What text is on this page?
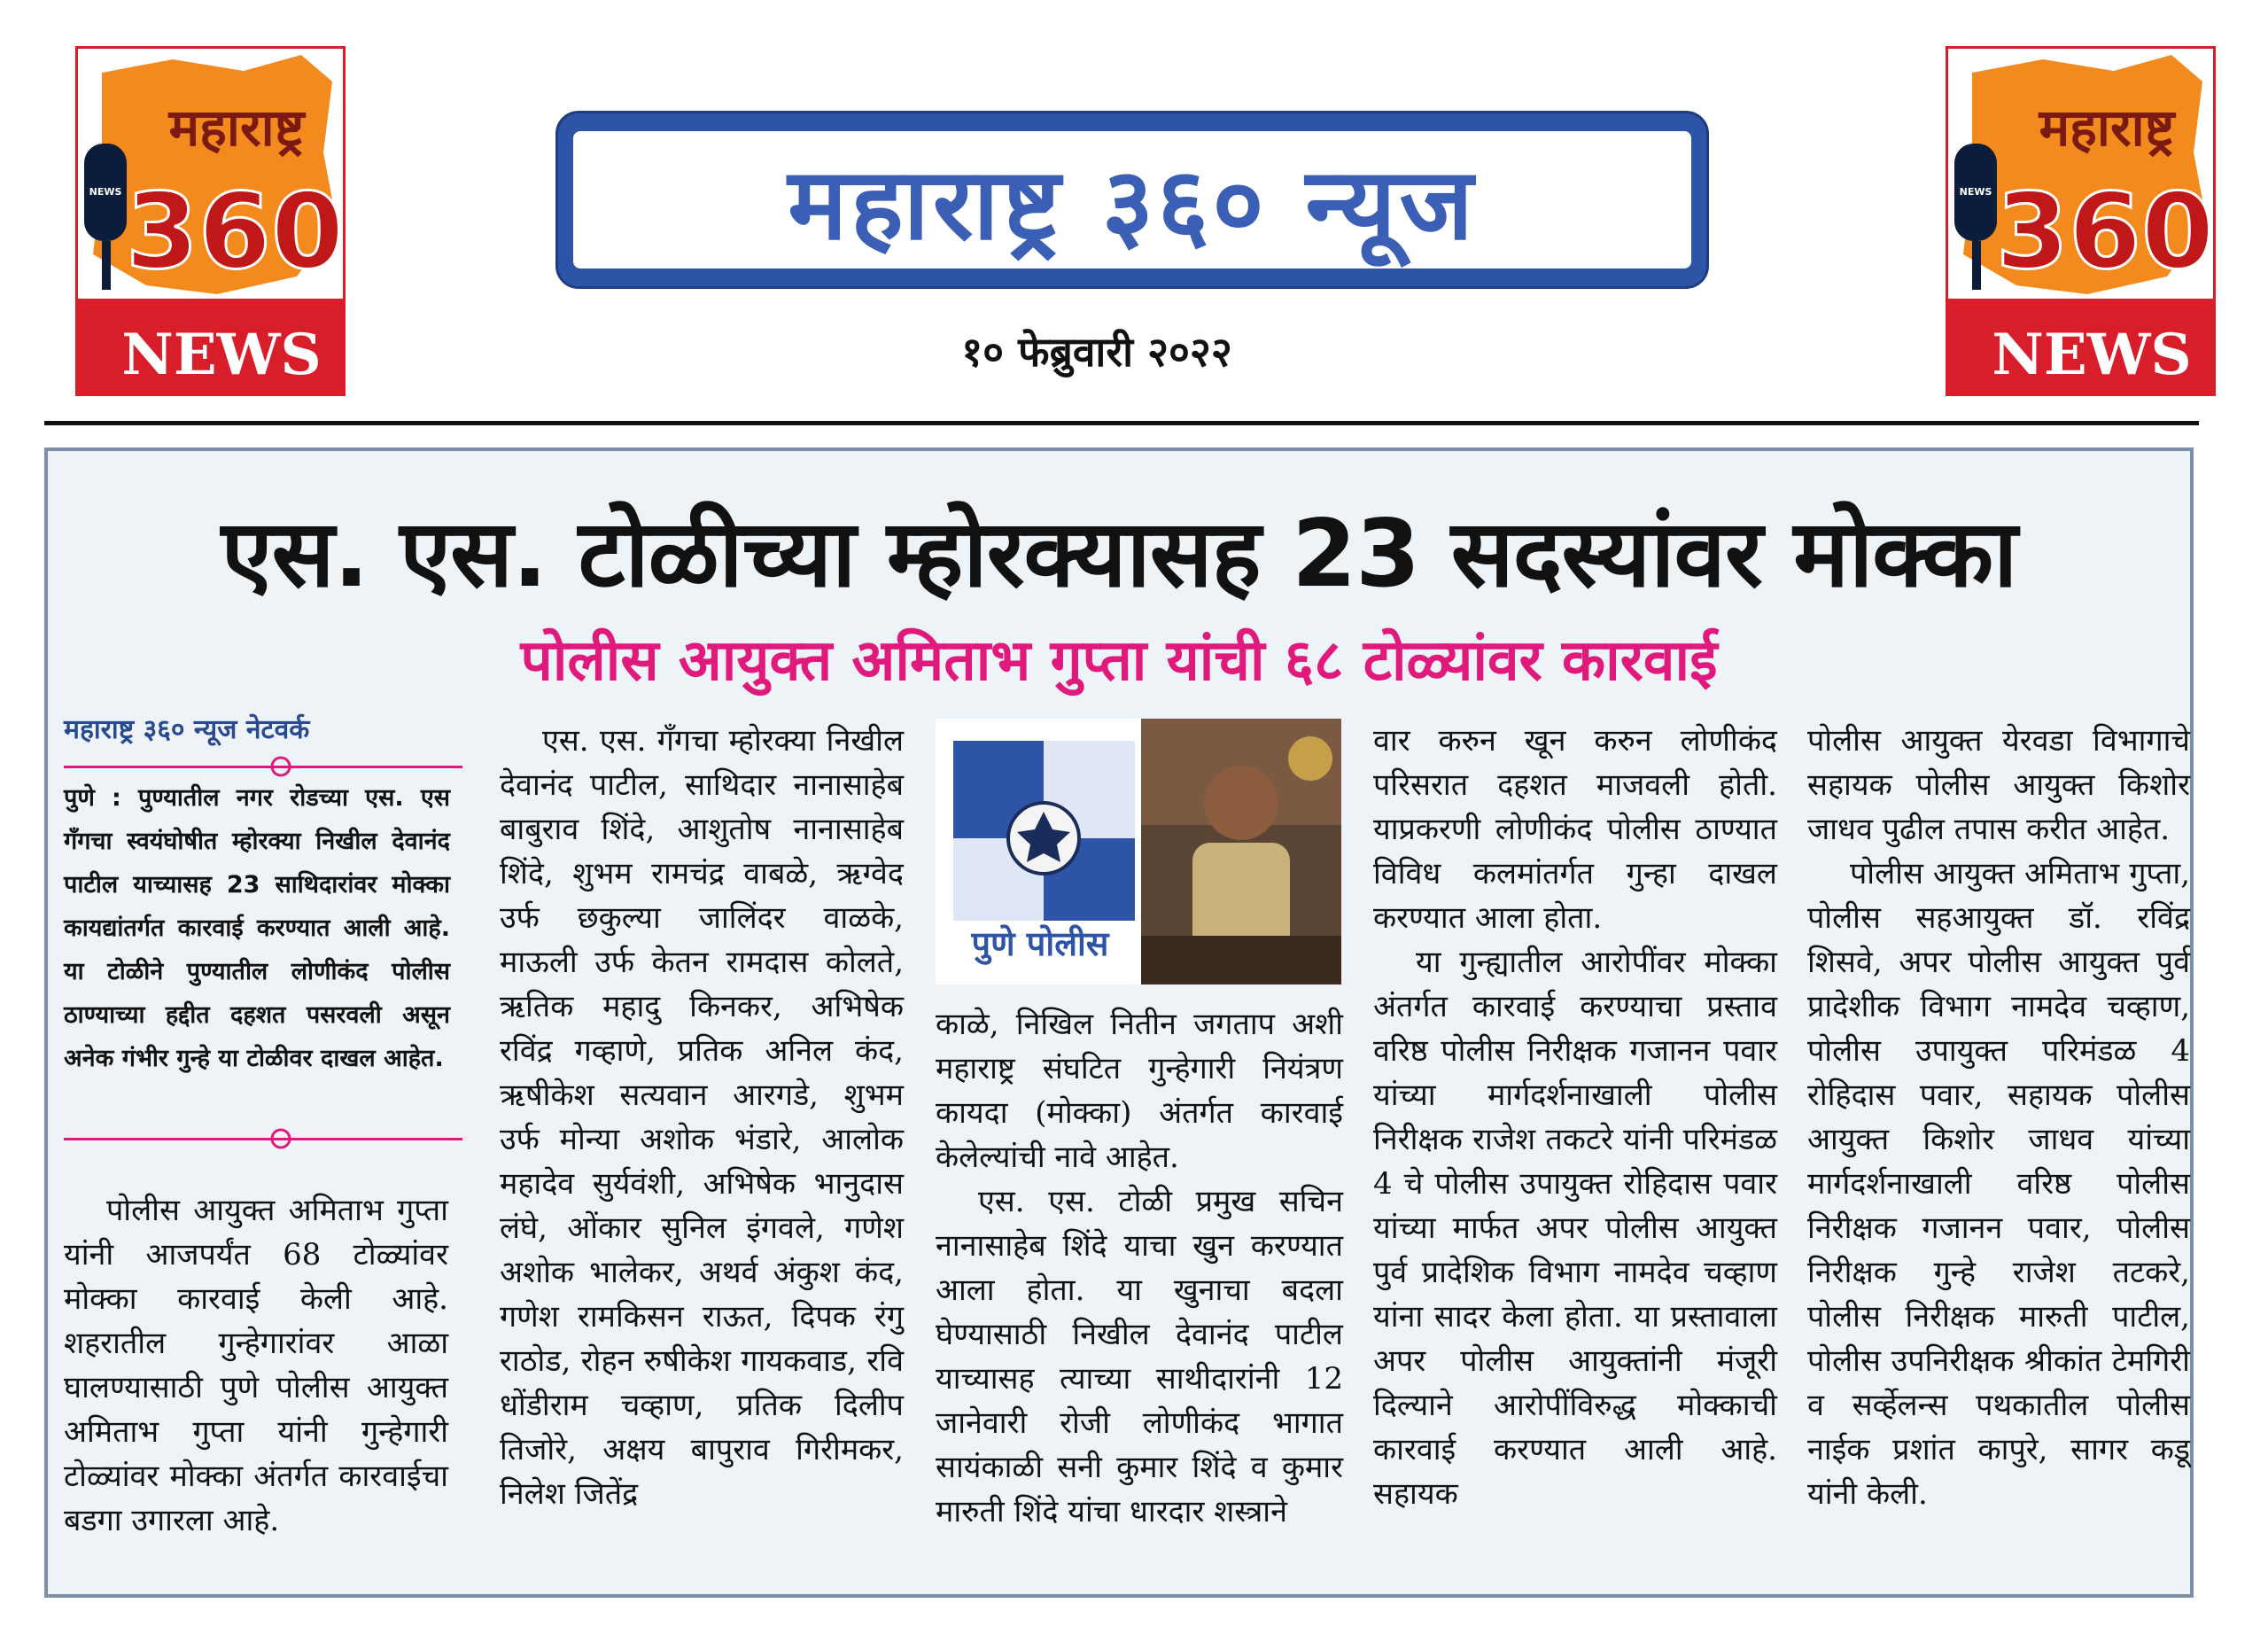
महाराष्ट्र
NEWS 360
NEWS
महाराष्ट्र ३६० न्यूज
१० फेब्रुवारी २०२२
महाराष्ट्र
NEWS 360
NEWS
एस. एस. टोळीच्या म्होरक्यासह 23 सदस्यांवर मोक्का
पोलीस आयुक्त अमिताभ गुप्ता यांची ६८ टोळ्यांवर कारवाई
महाराष्ट्र ३६० न्यूज नेटवर्क
पुणे : पुण्यातील नगर रोडच्या एस. एस गँगचा स्वयंघोषीत म्होरक्या निखील देवानंद पाटील याच्यासह 23 साथिदारांवर मोक्का कायद्यांतर्गत कारवाई करण्यात आली आहे. या टोळीने पुण्यातील लोणीकंद पोलीस ठाण्याच्या हद्दीत दहशत पसरवली असून अनेक गंभीर गुन्हे या टोळीवर दाखल आहेत.

पोलीस आयुक्त अमिताभ गुप्ता यांनी आजपर्यंत 68 टोळ्यांवर मोक्का कारवाई केली आहे. शहरातील गुन्हेगारांवर आळा घालण्यासाठी पुणे पोलीस आयुक्त अमिताभ गुप्ता यांनी गुन्हेगारी टोळ्यांवर मोक्का अंतर्गत कारवाईचा बडगा उगारला आहे.

एस. एस. गँगचा म्होरक्या निखील देवानंद पाटील, साथिदार नानासाहेब बाबुराव शिंदे, आशुतोष नानासाहेब शिंदे, शुभम रामचंद्र वाबळे, ऋग्वेद उर्फ छकुल्या जालिंदर वाळके, माऊली उर्फ केतन रामदास कोलते, ऋतिक महादु किनकर, अभिषेक रविंद्र गव्हाणे, प्रतिक अनिल कंद, ऋषीकेश सत्यवान आरगडे, शुभम उर्फ मोन्या अशोक भंडारे, आलोक महादेव सुर्यवंशी, अभिषेक भानुदास लंघे, ओंकार सुनिल इंगवले, गणेश अशोक भालेकर, अथर्व अंकुश कंद, गणेश रामकिसन राऊत, दिपक रंगु राठोड, रोहन रुषीकेश गायकवाड, रवि धोंडीराम चव्हाण, प्रतिक दिलीप तिजोरे, अक्षय बापुराव गिरीमकर, निलेश जितेंद्र

पुणे पोलीस

काळे, निखिल नितीन जगताप अशी महाराष्ट्र संघटित गुन्हेगारी नियंत्रण कायदा (मोक्का) अंतर्गत कारवाई केलेल्यांची नावे आहेत.

एस. एस. टोळी प्रमुख सचिन नानासाहेब शिंदे याचा खुन करण्यात आला होता. या खुनाचा बदला घेण्यासाठी निखील देवानंद पाटील याच्यासह त्याच्या साथीदारांनी 12 जानेवारी रोजी लोणीकंद भागात सायंकाळी सनी कुमार शिंदे व कुमार मारुती शिंदे यांचा धारदार शस्त्राने

वार करुन खून करुन लोणीकंद परिसरात दहशत माजवली होती. याप्रकरणी लोणीकंद पोलीस ठाण्यात विविध कलमांतर्गत गुन्हा दाखल करण्यात आला होता.

या गुन्ह्यातील आरोपींवर मोक्का अंतर्गत कारवाई करण्याचा प्रस्ताव वरिष्ठ पोलीस निरीक्षक गजानन पवार यांच्या मार्गदर्शनाखाली पोलीस निरीक्षक राजेश तकटरे यांनी परिमंडळ 4 चे पोलीस उपायुक्त रोहिदास पवार यांच्या मार्फत अपर पोलीस आयुक्त पुर्व प्रादेशिक विभाग नामदेव चव्हाण यांना सादर केला होता. या प्रस्तावाला अपर पोलीस आयुक्तांनी मंजूरी दिल्याने आरोपींविरुद्ध मोक्काची कारवाई करण्यात आली आहे. सहायक

पोलीस आयुक्त येरवडा विभागाचे सहायक पोलीस आयुक्त किशोर जाधव पुढील तपास करीत आहेत.

पोलीस आयुक्त अमिताभ गुप्ता, पोलीस सहआयुक्त डॉ. रविंद्र शिसवे, अपर पोलीस आयुक्त पुर्व प्रादेशीक विभाग नामदेव चव्हाण, पोलीस उपायुक्त परिमंडळ 4 रोहिदास पवार, सहायक पोलीस आयुक्त किशोर जाधव यांच्या मार्गदर्शनाखाली वरिष्ठ पोलीस निरीक्षक गजानन पवार, पोलीस निरीक्षक गुन्हे राजेश तटकरे, पोलीस निरीक्षक मारुती पाटील, पोलीस उपनिरीक्षक श्रीकांत टेमगिरी व सर्व्हेलन्स पथकातील पोलीस नाईक प्रशांत कापुरे, सागर कडू यांनी केली.
